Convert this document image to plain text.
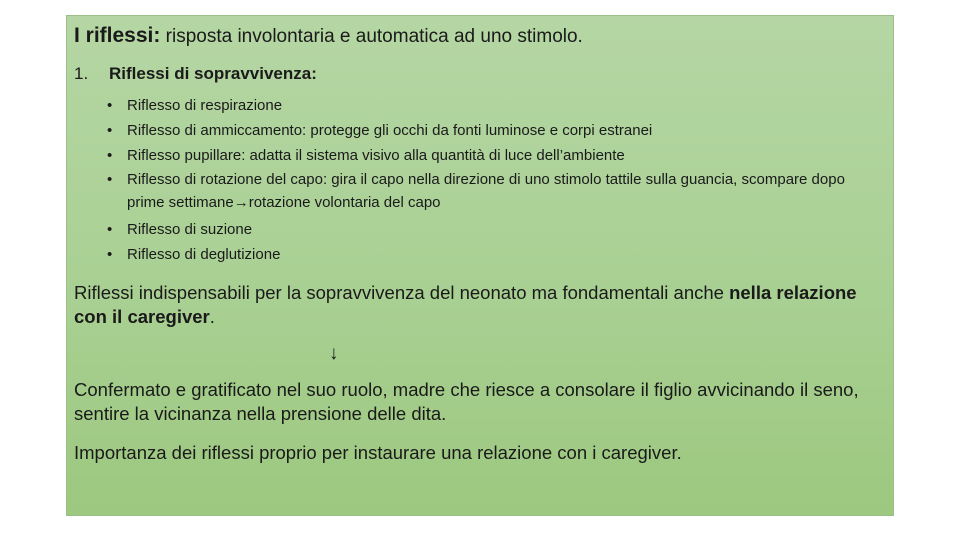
I riflessi: risposta involontaria e automatica ad uno stimolo.
1. Riflessi di sopravvivenza:
• Riflesso di respirazione
• Riflesso di ammiccamento: protegge gli occhi da fonti luminose e corpi estranei
• Riflesso pupillare: adatta il sistema visivo alla quantità di luce dell’ambiente
• Riflesso di rotazione del capo: gira il capo nella direzione di uno stimolo tattile sulla guancia, scompare dopo prime settimane→rotazione volontaria del capo
• Riflesso di suzione
• Riflesso di deglutizione
Riflessi indispensabili per la sopravvivenza del neonato ma fondamentali anche nella relazione con il caregiver.
↓
Confermato e gratificato nel suo ruolo, madre che riesce a consolare il figlio avvicinando il seno, sentire la vicinanza nella prensione delle dita.
Importanza dei riflessi proprio per instaurare una relazione con i caregiver.
